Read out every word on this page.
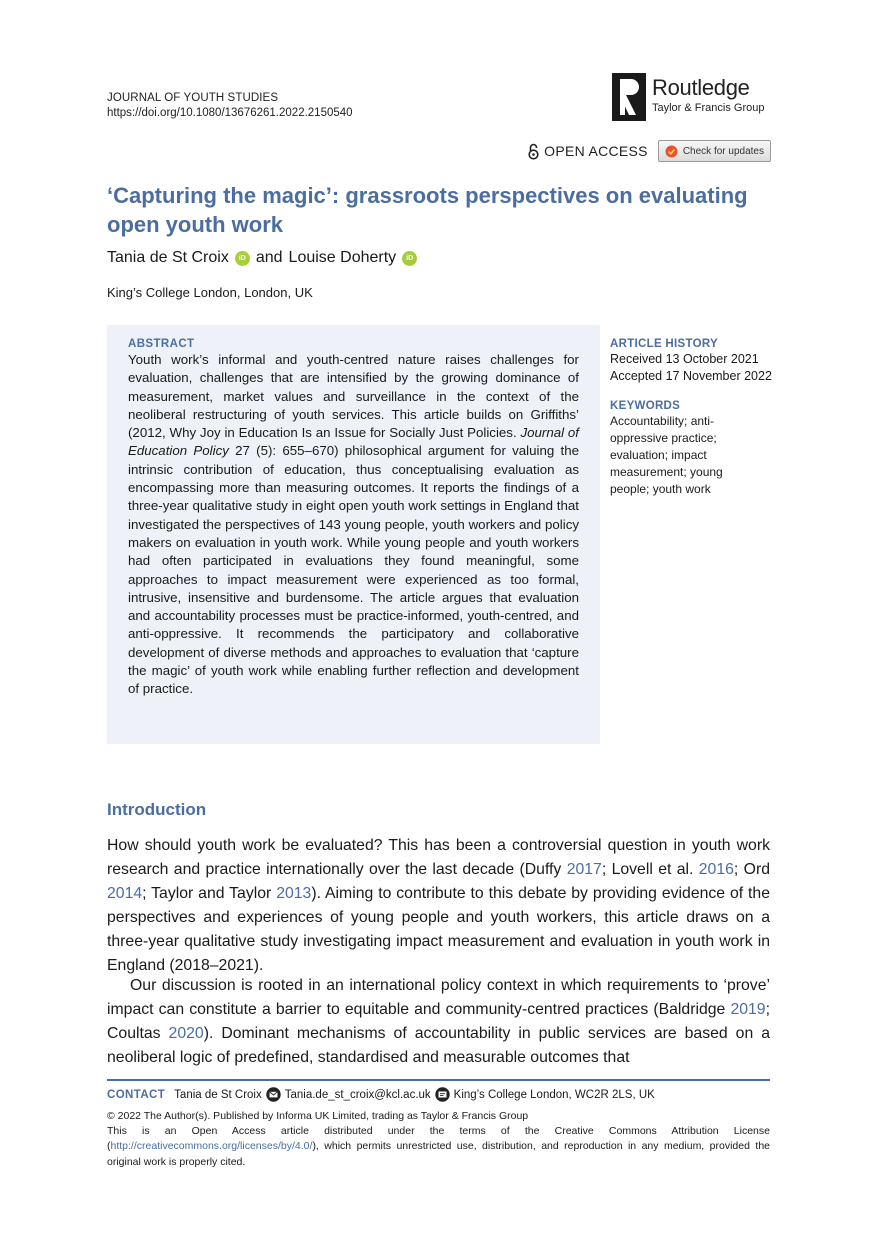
JOURNAL OF YOUTH STUDIES
https://doi.org/10.1080/13676261.2022.2150540
Routledge
Taylor & Francis Group
OPEN ACCESS	Check for updates
‘Capturing the magic’: grassroots perspectives on evaluating open youth work
Tania de St Croix	iD and Louise Doherty	iD
King’s College London, London, UK
ABSTRACT

Youth work’s informal and youth-centred nature raises challenges for evaluation, challenges that are intensified by the growing dominance of measurement, market values and surveillance in the context of the neoliberal restructuring of youth services. This article builds on Griffiths’ (2012, Why Joy in Education Is an Issue for Socially Just Policies. Journal of Education Policy 27 (5): 655–670) philosophical argument for valuing the intrinsic contribution of education, thus conceptualising evaluation as encompassing more than measuring outcomes. It reports the findings of a three-year qualitative study in eight open youth work settings in England that investigated the perspectives of 143 young people, youth workers and policy makers on evaluation in youth work. While young people and youth workers had often participated in evaluations they found meaningful, some approaches to impact measurement were experienced as too formal, intrusive, insensitive and burdensome. The article argues that evaluation and accountability processes must be practice-informed, youth-centred, and anti-oppressive. It recommends the participatory and collaborative development of diverse methods and approaches to evaluation that ‘capture the magic’ of youth work while enabling further reflection and development of practice.

ARTICLE HISTORY
Received 13 October 2021
Accepted 17 November 2022
KEYWORDS
Accountability; anti-oppressive practice; evaluation; impact measurement; young people; youth work
Introduction

How should youth work be evaluated? This has been a controversial question in youth work research and practice internationally over the last decade (Duffy 2017; Lovell et al. 2016; Ord 2014; Taylor and Taylor 2013). Aiming to contribute to this debate by providing evidence of the perspectives and experiences of young people and youth workers, this article draws on a three-year qualitative study investigating impact measurement and evaluation in youth work in England (2018–2021).

Our discussion is rooted in an international policy context in which requirements to ‘prove’ impact can constitute a barrier to equitable and community-centred practices (Baldridge 2019; Coultas 2020). Dominant mechanisms of accountability in public services are based on a neoliberal logic of predefined, standardised and measurable outcomes that

CONTACT Tania de St Croix Tania.de_st_croix@kcl.ac.uk King’s College London, WC2R 2LS, UK
© 2022 The Author(s). Published by Informa UK Limited, trading as Taylor & Francis Group

This is an Open Access article distributed under the terms of the Creative Commons Attribution License (http://creativecommons.org/licenses/by/4.0/), which permits unrestricted use, distribution, and reproduction in any medium, provided the original work is properly cited.
